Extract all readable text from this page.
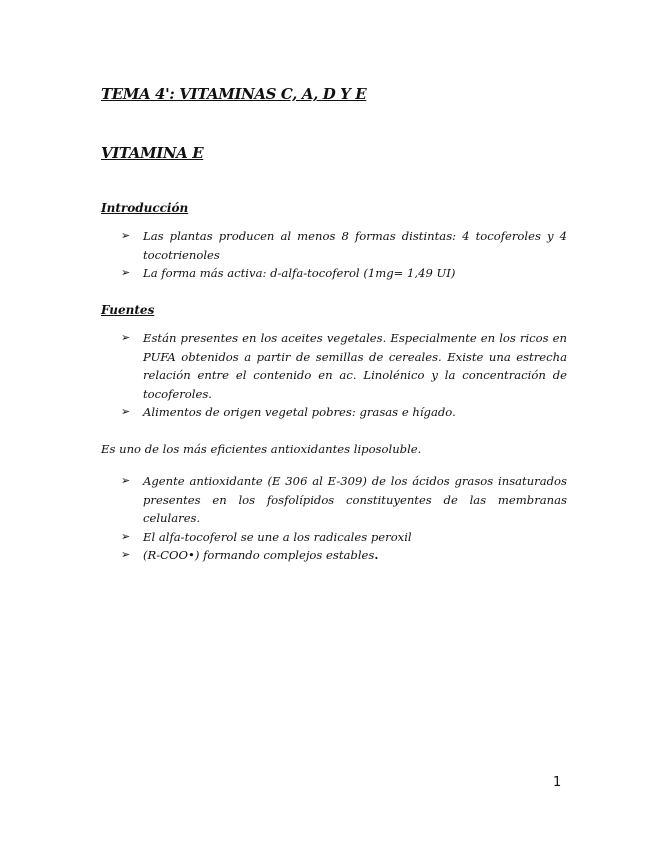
TEMA 4': VITAMINAS C, A, D Y E
VITAMINA E
Introducción
➢	Las plantas producen al menos 8 formas distintas: 4 tocoferoles y 4 tocotrienoles
➢	La forma más activa: d-alfa-tocoferol (1mg= 1,49 UI)
Fuentes
➢	Están presentes en los aceites vegetales. Especialmente en los ricos en PUFA obtenidos a partir de semillas de cereales. Existe una estrecha relación entre el contenido en ac. Linolénico y la concentración de tocoferoles.
➢	Alimentos de origen vegetal pobres: grasas e hígado.

Es uno de los más eficientes antioxidantes liposoluble.

➢	Agente antioxidante (E 306 al E-309) de los ácidos grasos insaturados presentes en los fosfolípidos constituyentes de las membranas celulares.
➢	El alfa-tocoferol se une a los radicales peroxil
➢	(R-COO•) formando complejos estables.

1
